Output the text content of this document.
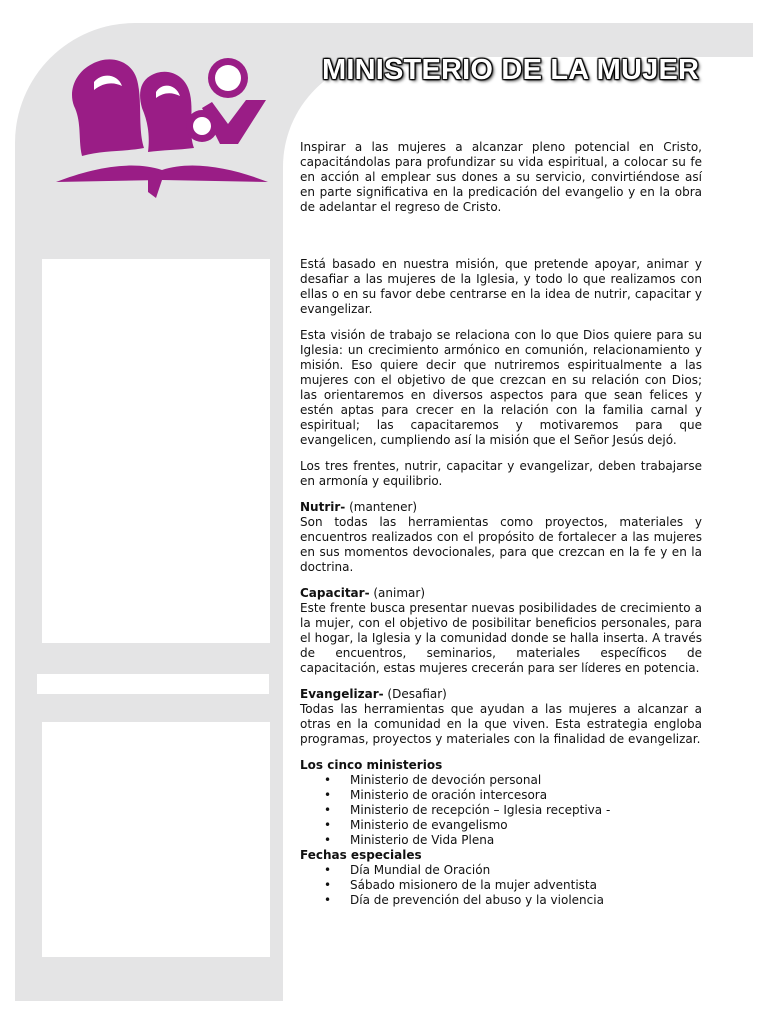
MINISTERIO DE LA MUJER

Inspirar a las mujeres a alcanzar pleno potencial en Cristo, capacitándolas para profundizar su vida espiritual, a colocar su fe en acción al emplear sus dones a su servicio, convirtiéndose así en parte significativa en la predicación del evangelio y en la obra de adelantar el regreso de Cristo.

Está basado en nuestra misión, que pretende apoyar, animar y desafiar a las mujeres de la Iglesia, y todo lo que realizamos con ellas o en su favor debe centrarse en la idea de nutrir, capacitar y evangelizar.

Esta visión de trabajo se relaciona con lo que Dios quiere para su Iglesia: un crecimiento armónico en comunión, relacionamiento y misión. Eso quiere decir que nutriremos espiritualmente a las mujeres con el objetivo de que crezcan en su relación con Dios; las orientaremos en diversos aspectos para que sean felices y estén aptas para crecer en la relación con la familia carnal y espiritual; las capacitaremos y motivaremos para que evangelicen, cumpliendo así la misión que el Señor Jesús dejó.

Los tres frentes, nutrir, capacitar y evangelizar, deben trabajarse en armonía y equilibrio.

Nutrir- (mantener)
Son todas las herramientas como proyectos, materiales y encuentros realizados con el propósito de fortalecer a las mujeres en sus momentos devocionales, para que crezcan en la fe y en la doctrina.

Capacitar- (animar)
Este frente busca presentar nuevas posibilidades de crecimiento a la mujer, con el objetivo de posibilitar beneficios personales, para el hogar, la Iglesia y la comunidad donde se halla inserta. A través de encuentros, seminarios, materiales específicos de capacitación, estas mujeres crecerán para ser líderes en potencia.

Evangelizar- (Desafiar)
Todas las herramientas que ayudan a las mujeres a alcanzar a otras en la comunidad en la que viven. Esta estrategia engloba programas, proyectos y materiales con la finalidad de evangelizar.

Los cinco ministerios
• Ministerio de devoción personal
• Ministerio de oración intercesora
• Ministerio de recepción – Iglesia receptiva -
• Ministerio de evangelismo
• Ministerio de Vida Plena
Fechas especiales
• Día Mundial de Oración
• Sábado misionero de la mujer adventista
• Día de prevención del abuso y la violencia
